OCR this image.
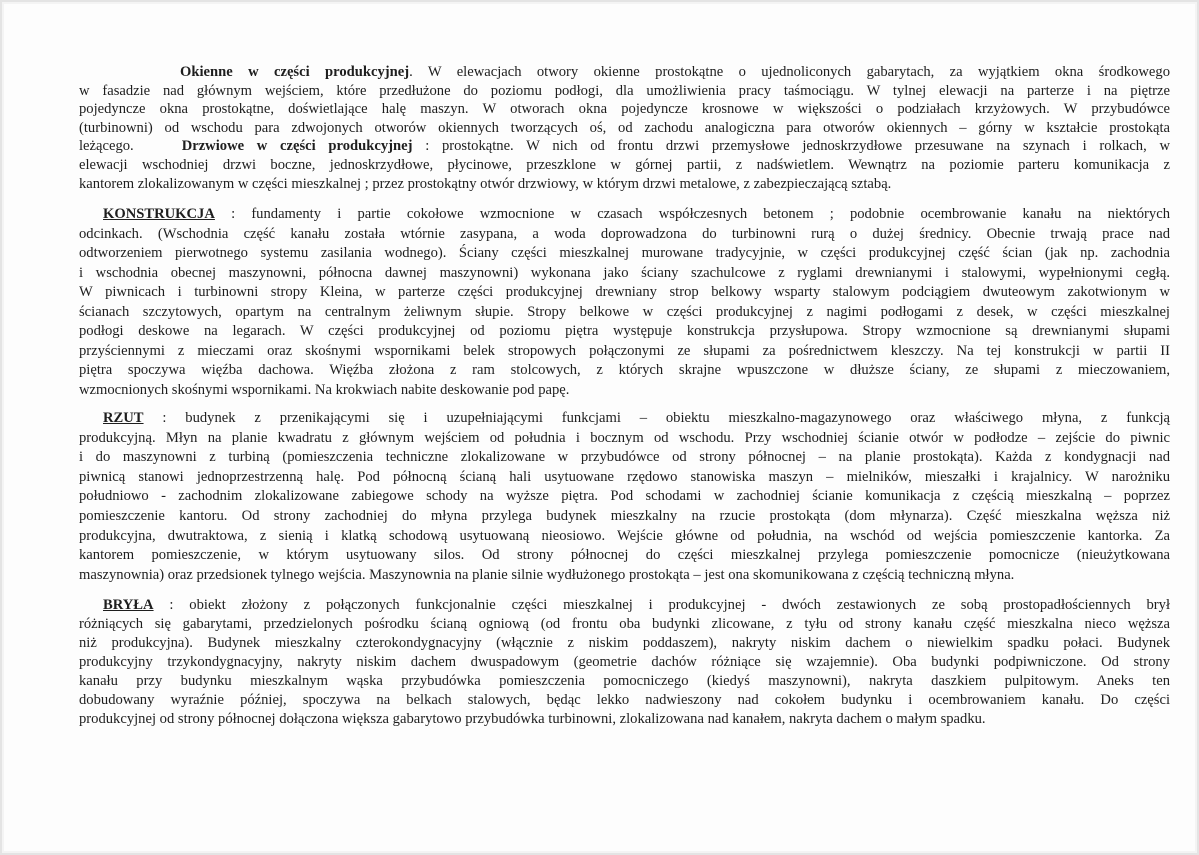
Okienne w części produkcyjnej. W elewacjach otwory okienne prostokątne o ujednoliconych gabarytach, za wyjątkiem okna środkowego
w fasadzie nad głównym wejściem, które przedłużone do poziomu podłogi, dla umożliwienia pracy taśmociągu. W tylnej elewacji na parterze i na piętrze
pojedyncze okna prostokątne, doświetlające halę maszyn. W otworach okna pojedyncze krosnowe w większości o podziałach krzyżowych. W przybudówce
(turbinowni) od wschodu para zdwojonych otworów okiennych tworzących oś, od zachodu analogiczna para otworów okiennych – górny w kształcie prostokąta
leżącego.	Drzwiowe w części produkcyjnej : prostokątne. W nich od frontu drzwi przemysłowe jednoskrzydłowe przesuwane na szynach i rolkach, w
elewacji wschodniej drzwi boczne, jednoskrzydłowe, płycinowe, przeszklone w górnej partii, z nadświetlem. Wewnątrz na poziomie parteru komunikacja z
kantorem zlokalizowanym w części mieszkalnej ; przez prostokątny otwór drzwiowy, w którym drzwi metalowe, z zabezpieczającą sztabą.
KONSTRUKCJA : fundamenty i partie cokołowe wzmocnione w czasach współczesnych betonem ; podobnie ocembrowanie kanału na niektórych
odcinkach. (Wschodnia część kanału została wtórnie zasypana, a woda doprowadzona do turbinowni rurą o dużej średnicy. Obecnie trwają prace nad
odtworzeniem pierwotnego systemu zasilania wodnego). Ściany części mieszkalnej murowane tradycyjnie, w części produkcyjnej część ścian (jak np. zachodnia
i wschodnia obecnej maszynowni, północna dawnej maszynowni) wykonana jako ściany szachulcowe z ryglami drewnianymi i stalowymi, wypełnionymi cegłą.
W piwnicach i turbinowni stropy Kleina, w parterze części produkcyjnej drewniany strop belkowy wsparty stalowym podciągiem dwuteowym zakotwionym w
ścianach szczytowych, opartym na centralnym żeliwnym słupie. Stropy belkowe w części produkcyjnej z nagimi podłogami z desek, w części mieszkalnej
podłogi deskowe na legarach. W części produkcyjnej od poziomu piętra występuje konstrukcja przysłupowa. Stropy wzmocnione są drewnianymi słupami
przyściennymi z mieczami oraz skośnymi wspornikami belek stropowych połączonymi ze słupami za pośrednictwem kleszczy. Na tej konstrukcji w partii II
piętra spoczywa więźba dachowa. Więźba złożona z ram stolcowych, z których skrajne wpuszczone w dłuższe ściany, ze słupami z mieczowaniem,
wzmocnionych skośnymi wspornikami. Na krokwiach nabite deskowanie pod papę.
RZUT : budynek z przenikającymi się i uzupełniającymi funkcjami – obiektu mieszkalno-magazynowego oraz właściwego młyna, z funkcją
produkcyjną. Młyn na planie kwadratu z głównym wejściem od południa i bocznym od wschodu. Przy wschodniej ścianie otwór w podłodze – zejście do piwnic
i do maszynowni z turbiną (pomieszczenia techniczne zlokalizowane w przybudówce od strony północnej – na planie prostokąta). Każda z kondygnacji nad
piwnicą stanowi jednoprzestrzenną halę. Pod północną ścianą hali usytuowane rzędowo stanowiska maszyn – mielników, mieszałki i krajalnicy. W narożniku
południowo - zachodnim zlokalizowane zabiegowe schody na wyższe piętra. Pod schodami w zachodniej ścianie komunikacja z częścią mieszkalną – poprzez
pomieszczenie kantoru. Od strony zachodniej do młyna przylega budynek mieszkalny na rzucie prostokąta (dom młynarza). Część mieszkalna węższa niż
produkcyjna, dwutraktowa, z sienią i klatką schodową usytuowaną nieosiowo. Wejście główne od południa, na wschód od wejścia pomieszczenie kantorka. Za
kantorem pomieszczenie, w którym usytuowany silos. Od strony północnej do części mieszkalnej przylega pomieszczenie pomocnicze (nieużytkowana
maszynownia) oraz przedsionek tylnego wejścia. Maszynownia na planie silnie wydłużonego prostokąta – jest ona skomunikowana z częścią techniczną młyna.
BRYŁA : obiekt złożony z połączonych funkcjonalnie części mieszkalnej i produkcyjnej - dwóch zestawionych ze sobą prostopadłościennych brył
różniących się gabarytami, przedzielonych pośrodku ścianą ogniową (od frontu oba budynki zlicowane, z tyłu od strony kanału część mieszkalna nieco węższa
niż produkcyjna). Budynek mieszkalny czterokondygnacyjny (włącznie z niskim poddaszem), nakryty niskim dachem o niewielkim spadku połaci. Budynek
produkcyjny trzykondygnacyjny, nakryty niskim dachem dwuspadowym (geometrie dachów różniące się wzajemnie). Oba budynki podpiwniczone. Od strony
kanału przy budynku mieszkalnym wąska przybudówka pomieszczenia pomocniczego (kiedyś maszynowni), nakryta daszkiem pulpitowym. Aneks ten
dobudowany wyraźnie później, spoczywa na belkach stalowych, będąc lekko nadwieszony nad cokołem budynku i ocembrowaniem kanału. Do części
produkcyjnej od strony północnej dołączona większa gabarytowo przybudówka turbinowni, zlokalizowana nad kanałem, nakryta dachem o małym spadku.
